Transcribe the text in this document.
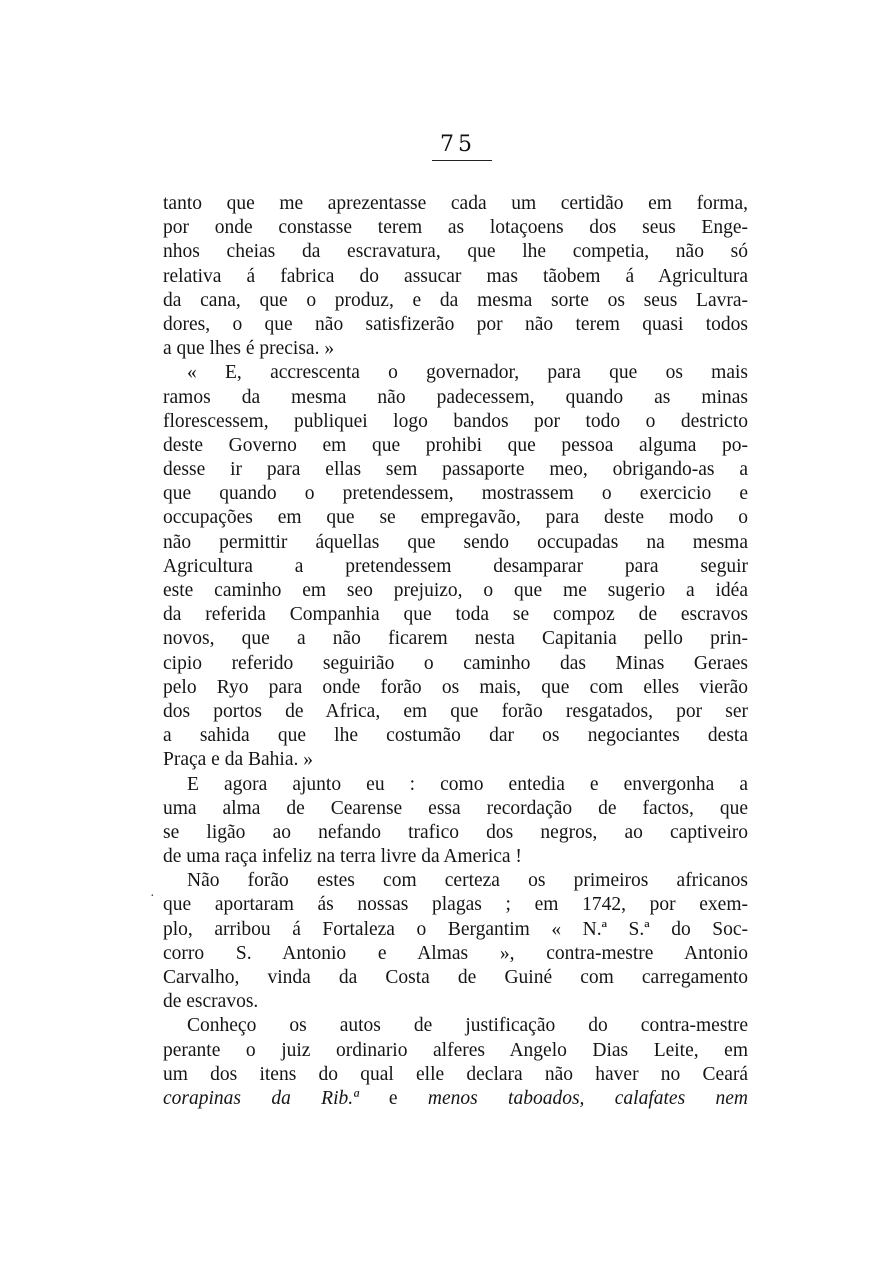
75
·
tanto que me aprezentasse cada um certidão em forma,
por onde constasse terem as lotaçoens dos seus Enge-
nhos cheias da escravatura, que lhe competia, não só
relativa á fabrica do assucar mas tãobem á Agricultura
da cana, que o produz, e da mesma sorte os seus Lavra-
dores, o que não satisfizerão por não terem quasi todos
a que lhes é precisa. »
« E, accrescenta o governador, para que os mais
ramos da mesma não padecessem, quando as minas
florescessem, publiquei logo bandos por todo o destricto
deste Governo em que prohibi que pessoa alguma po-
desse ir para ellas sem passaporte meo, obrigando-as a
que quando o pretendessem, mostrassem o exercicio e
occupações em que se empregavão, para deste modo o
não permittir áquellas que sendo occupadas na mesma
Agricultura a pretendessem desamparar para seguir
este caminho em seo prejuizo, o que me sugerio a idéa
da referida Companhia que toda se compoz de escravos
novos, que a não ficarem nesta Capitania pello prin-
cipio referido seguirião o caminho das Minas Geraes
pelo Ryo para onde forão os mais, que com elles vierão
dos portos de Africa, em que forão resgatados, por ser
a sahida que lhe costumão dar os negociantes desta
Praça e da Bahia. »
E agora ajunto eu : como entedia e envergonha a
uma alma de Cearense essa recordação de factos, que
se ligão ao nefando trafico dos negros, ao captiveiro
de uma raça infeliz na terra livre da America !
Não forão estes com certeza os primeiros africanos
que aportaram ás nossas plagas ; em 1742, por exem-
plo, arribou á Fortaleza o Bergantim « N.ª S.ª do Soc-
corro S. Antonio e Almas », contra-mestre Antonio
Carvalho, vinda da Costa de Guiné com carregamento
de escravos.
Conheço os autos de justificação do contra-mestre
perante o juiz ordinario alferes Angelo Dias Leite, em
um dos itens do qual elle declara não haver no Ceará
corapinas da Rib.ª e menos taboados, calafates nem
